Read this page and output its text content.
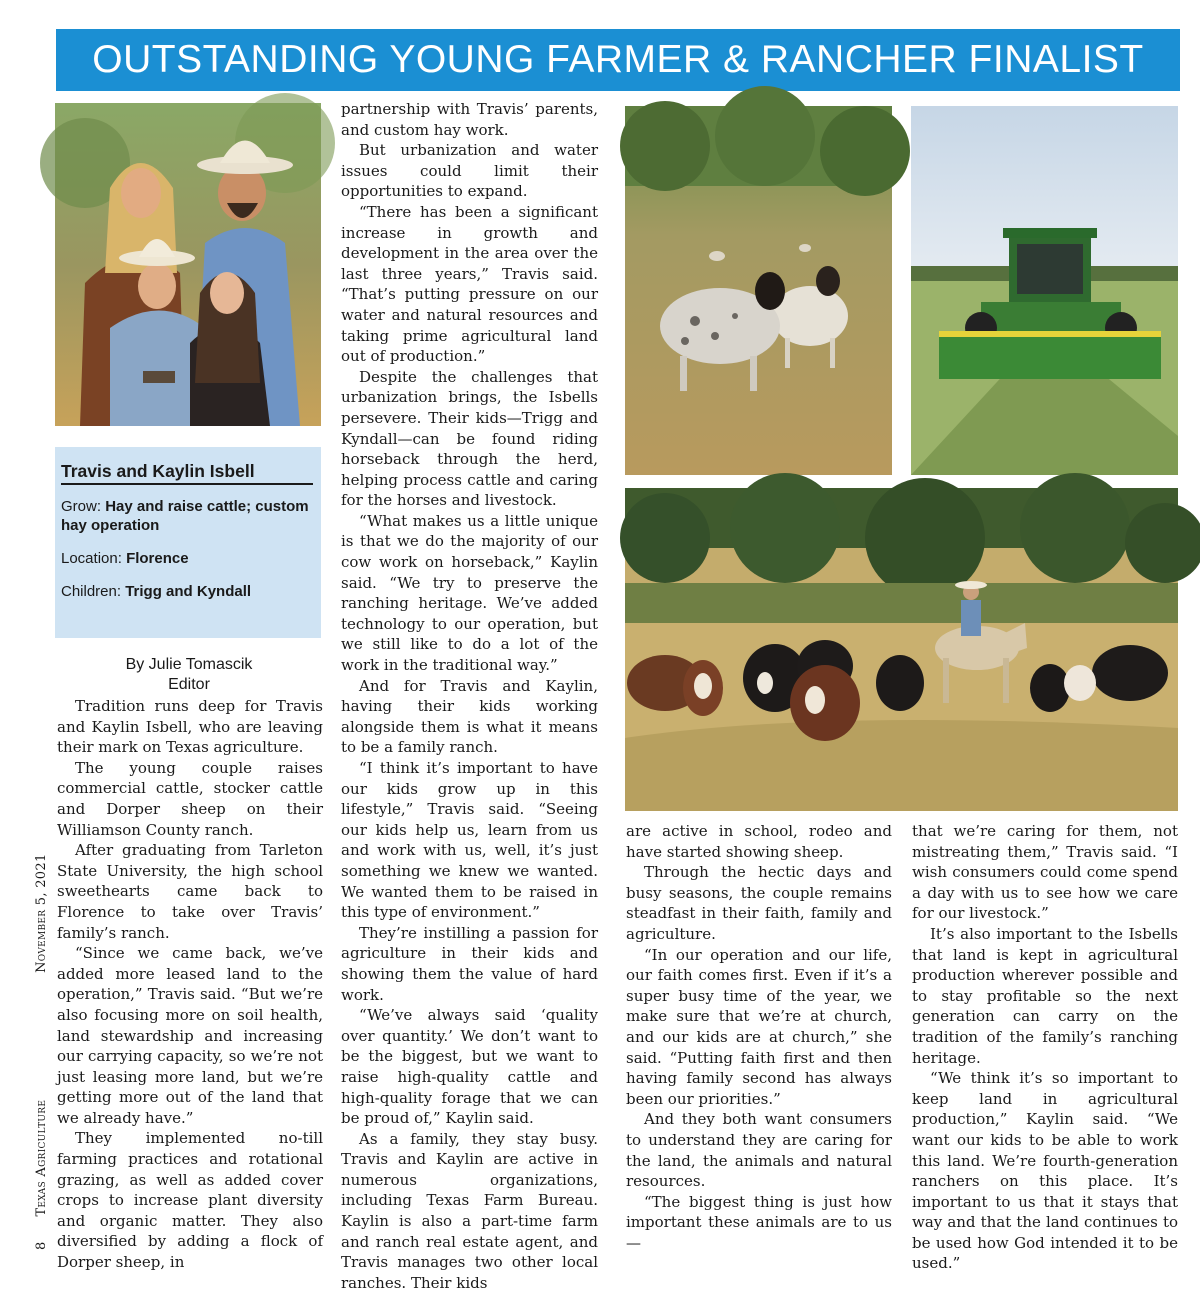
OUTSTANDING YOUNG FARMER & RANCHER FINALIST
Travis and Kaylin Isbell
Grow: Hay and raise cattle; custom hay operation
Location: Florence
Children: Trigg and Kyndall
By Julie Tomascik
Editor

Tradition runs deep for Travis and Kaylin Isbell, who are leaving their mark on Texas agriculture.

The young couple raises commercial cattle, stocker cattle and Dorper sheep on their Williamson County ranch.

After graduating from Tarleton State University, the high school sweethearts came back to Florence to take over Travis’ family’s ranch.

“Since we came back, we’ve added more leased land to the operation,” Travis said. “But we’re also focusing more on soil health, land stewardship and increasing our carrying capacity, so we’re not just leasing more land, but we’re getting more out of the land that we already have.”

They implemented no-till farming practices and rotational grazing, as well as added cover crops to increase plant diversity and organic matter. They also diversified by adding a flock of Dorper sheep, in

partnership with Travis’ parents, and custom hay work.

But urbanization and water issues could limit their opportunities to expand.

“There has been a significant increase in growth and development in the area over the last three years,” Travis said. “That’s putting pressure on our water and natural resources and taking prime agricultural land out of production.”

Despite the challenges that urbanization brings, the Isbells persevere. Their kids—Trigg and Kyndall—can be found riding horseback through the herd, helping process cattle and caring for the horses and livestock.

“What makes us a little unique is that we do the majority of our cow work on horseback,” Kaylin said. “We try to preserve the ranching heritage. We’ve added technology to our operation, but we still like to do a lot of the work in the traditional way.”

And for Travis and Kaylin, having their kids working alongside them is what it means to be a family ranch.

“I think it’s important to have our kids grow up in this lifestyle,” Travis said. “Seeing our kids help us, learn from us and work with us, well, it’s just something we knew we wanted. We wanted them to be raised in this type of environment.”

They’re instilling a passion for agriculture in their kids and showing them the value of hard work.

“We’ve always said ‘quality over quantity.’ We don’t want to be the biggest, but we want to raise high-quality cattle and high-quality forage that we can be proud of,” Kaylin said.

As a family, they stay busy. Travis and Kaylin are active in numerous organizations, including Texas Farm Bureau. Kaylin is also a part-time farm and ranch real estate agent, and Travis manages two other local ranches. Their kids

are active in school, rodeo and have started showing sheep.

Through the hectic days and busy seasons, the couple remains steadfast in their faith, family and agriculture.

“In our operation and our life, our faith comes first. Even if it’s a super busy time of the year, we make sure that we’re at church, and our kids are at church,” she said. “Putting faith first and then having family second has always been our priorities.”

And they both want consumers to understand they are caring for the land, the animals and natural resources.

“The biggest thing is just how important these animals are to us—

that we’re caring for them, not mistreating them,” Travis said. “I wish consumers could come spend a day with us to see how we care for our livestock.”

It’s also important to the Isbells that land is kept in agricultural production wherever possible and to stay profitable so the next generation can carry on the tradition of the family’s ranching heritage.

“We think it’s so important to keep land in agricultural production,” Kaylin said. “We want our kids to be able to work this land. We’re fourth-generation ranchers on this place. It’s important to us that it stays that way and that the land continues to be used how God intended it to be used.”

8  Texas Agriculture  November 5, 2021
